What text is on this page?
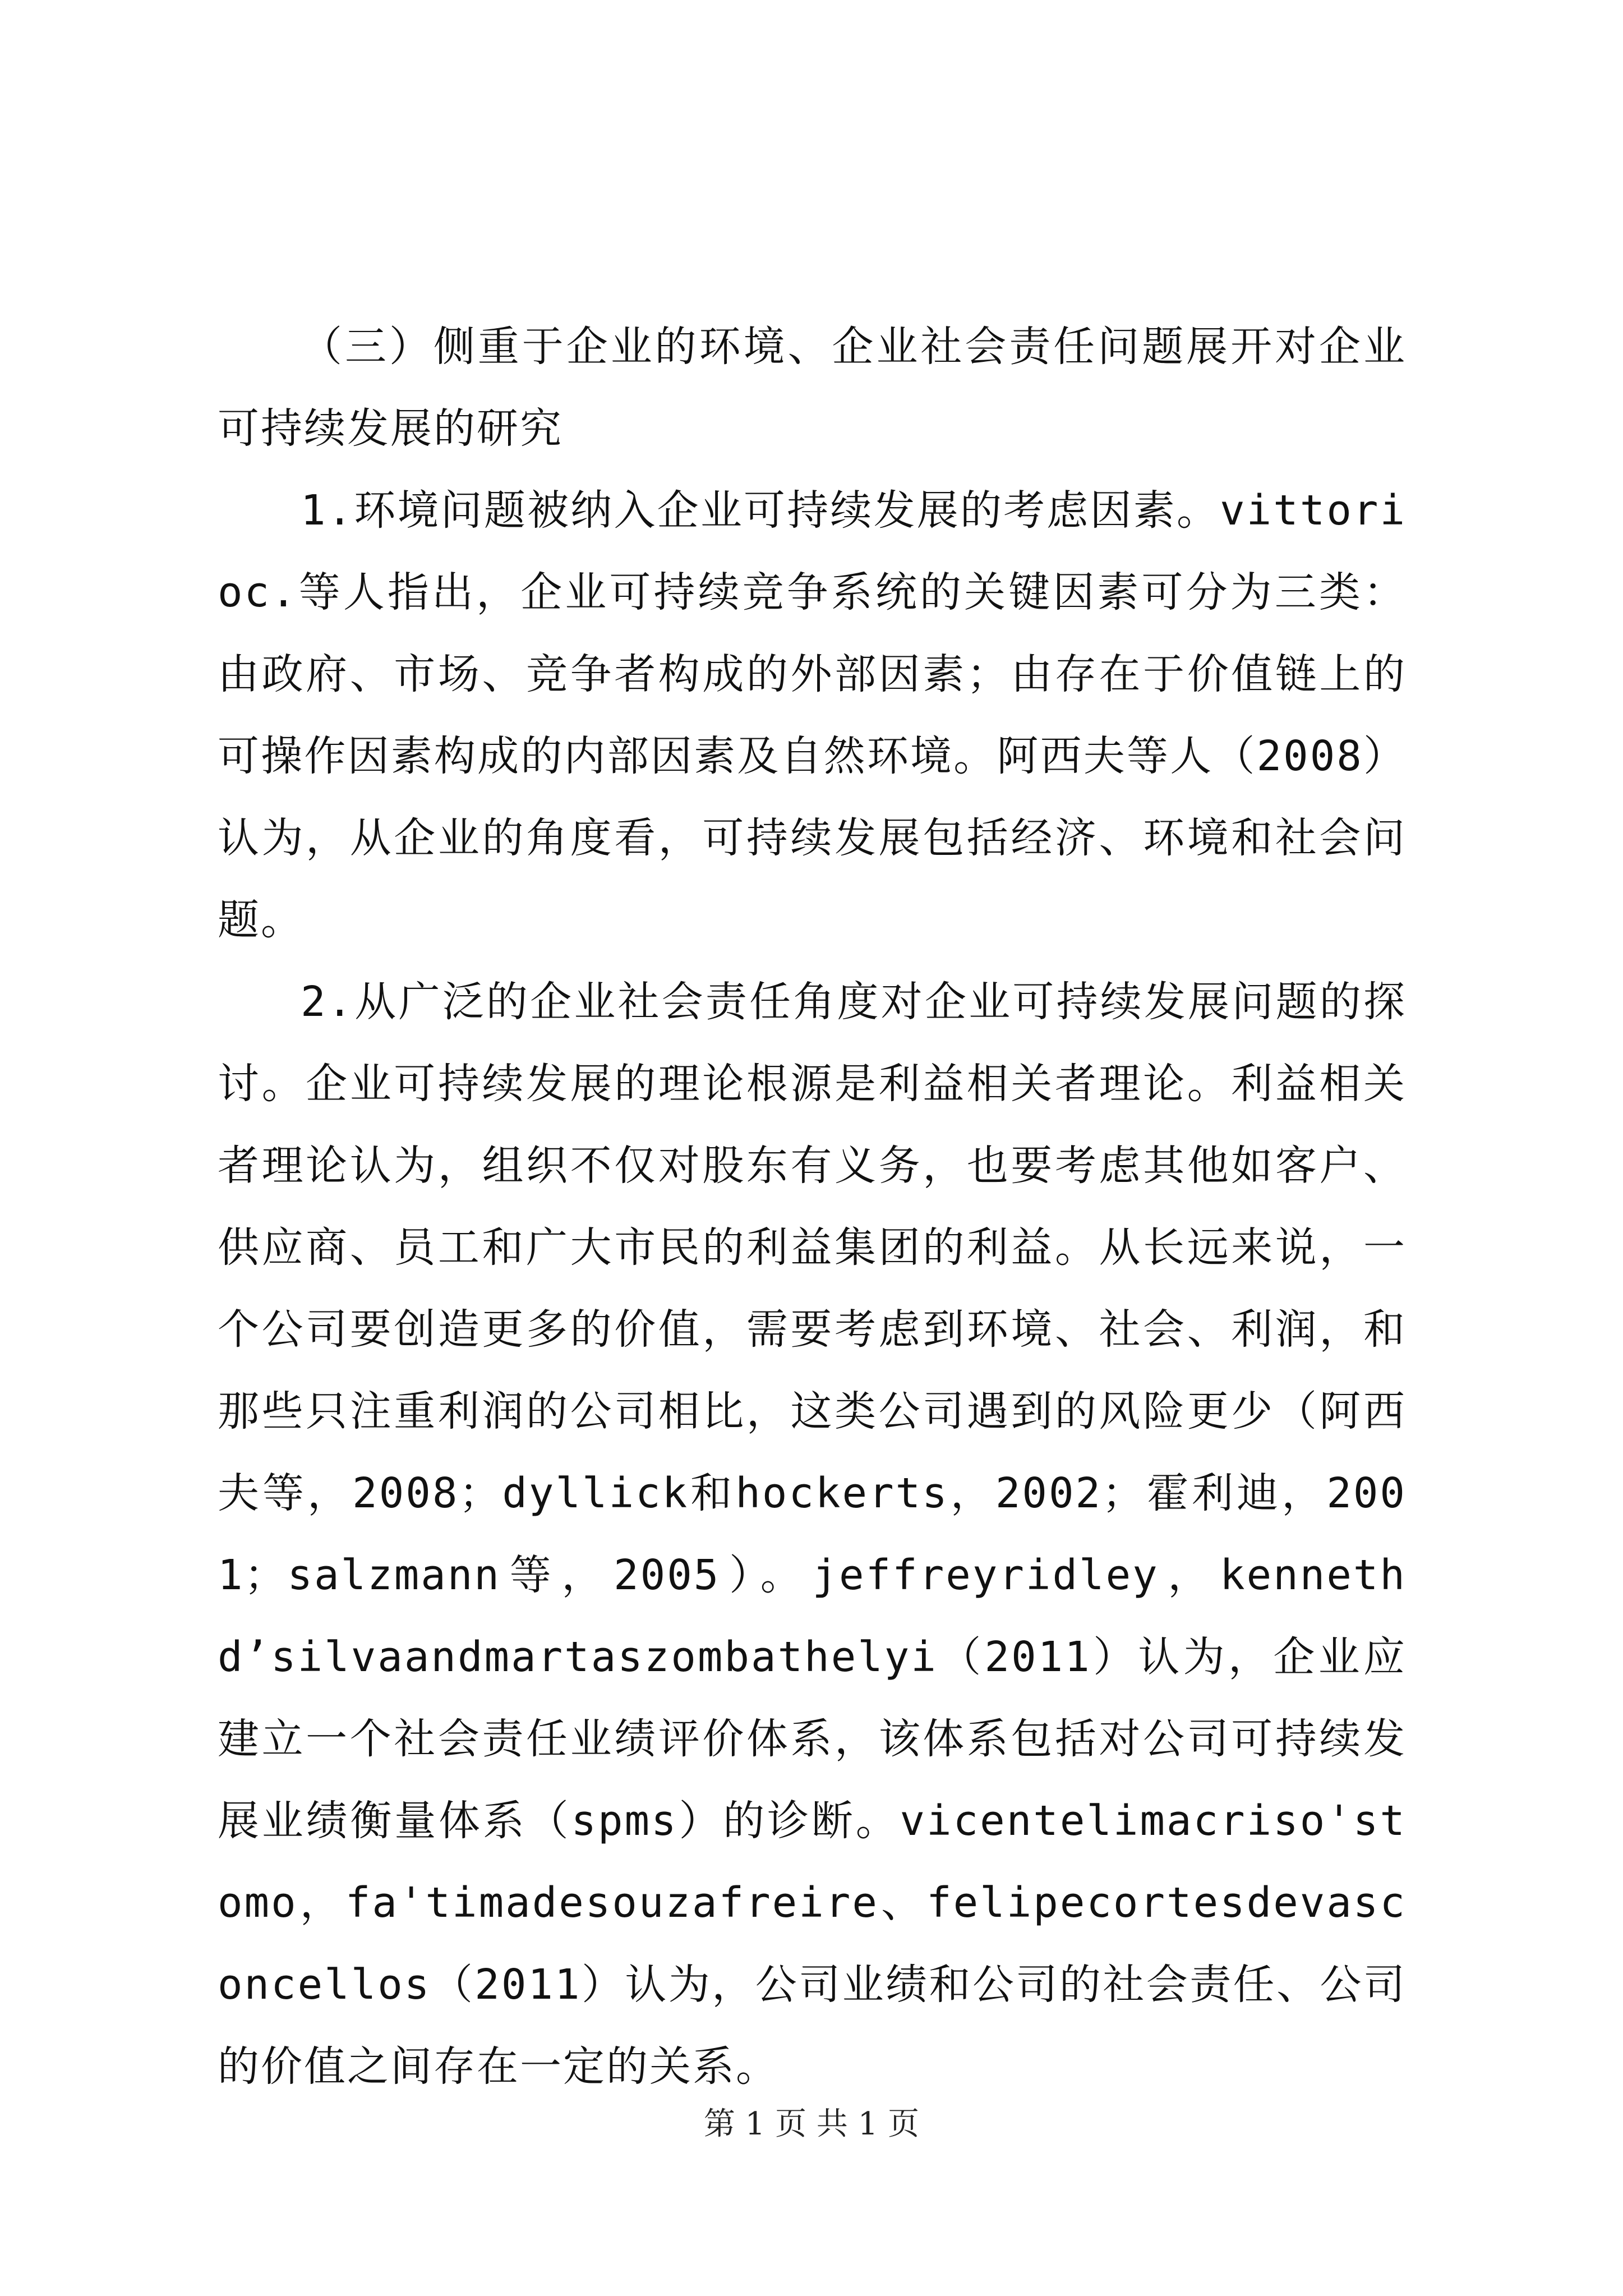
（三）侧重于企业的环境、企业社会责任问题展开对企业可持续发展的研究

1.环境问题被纳入企业可持续发展的考虑因素。vittorioc.等人指出，企业可持续竞争系统的关键因素可分为三类：由政府、市场、竞争者构成的外部因素；由存在于价值链上的可操作因素构成的内部因素及自然环境。阿西夫等人（2008）认为，从企业的角度看，可持续发展包括经济、环境和社会问题。

2.从广泛的企业社会责任角度对企业可持续发展问题的探讨。企业可持续发展的理论根源是利益相关者理论。利益相关者理论认为，组织不仅对股东有义务，也要考虑其他如客户、供应商、员工和广大市民的利益集团的利益。从长远来说，一个公司要创造更多的价值，需要考虑到环境、社会、利润，和那些只注重利润的公司相比，这类公司遇到的风险更少（阿西夫等，2008；dyllick和hockerts，2002；霍利迪，2001；salzmann等，2005）。jeffreyridley，kennethd’silvaandmartaszombathelyi（2011）认为，企业应建立一个社会责任业绩评价体系，该体系包括对公司可持续发展业绩衡量体系（spms）的诊断。vicentelimacriso'stomo，fa'timadesouzafreire、felipecortesdevasconcellos（2011）认为，公司业绩和公司的社会责任、公司的价值之间存在一定的关系。

第 1 页 共 1 页
